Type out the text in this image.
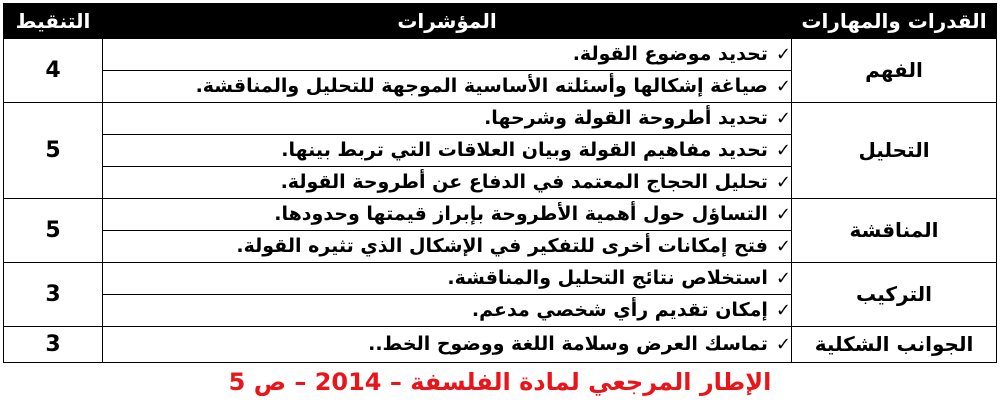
القدرات والمهارات	المؤشرات	التنقيط
الفهم	✓تحديد موضوع القولة.	4
	✓صياغة إشكالها وأسئلته الأساسية الموجهة للتحليل والمناقشة.	
التحليل	✓تحديد أطروحة القولة وشرحها.	5
	✓تحديد مفاهيم القولة وبيان العلاقات التي تربط بينها.	
	✓تحليل الحجاج المعتمد في الدفاع عن أطروحة القولة.	
المناقشة	✓التساؤل حول أهمية الأطروحة بإبراز قيمتها وحدودها.	5
	✓فتح إمكانات أخرى للتفكير في الإشكال الذي تثيره القولة.	
التركيب	✓استخلاص نتائج التحليل والمناقشة.	3
	✓إمكان تقديم رأي شخصي مدعم.	
الجوانب الشكلية	✓تماسك العرض وسلامة اللغة ووضوح الخط..	3
الإطار المرجعي لمادة الفلسفة – 2014 – ص 5
